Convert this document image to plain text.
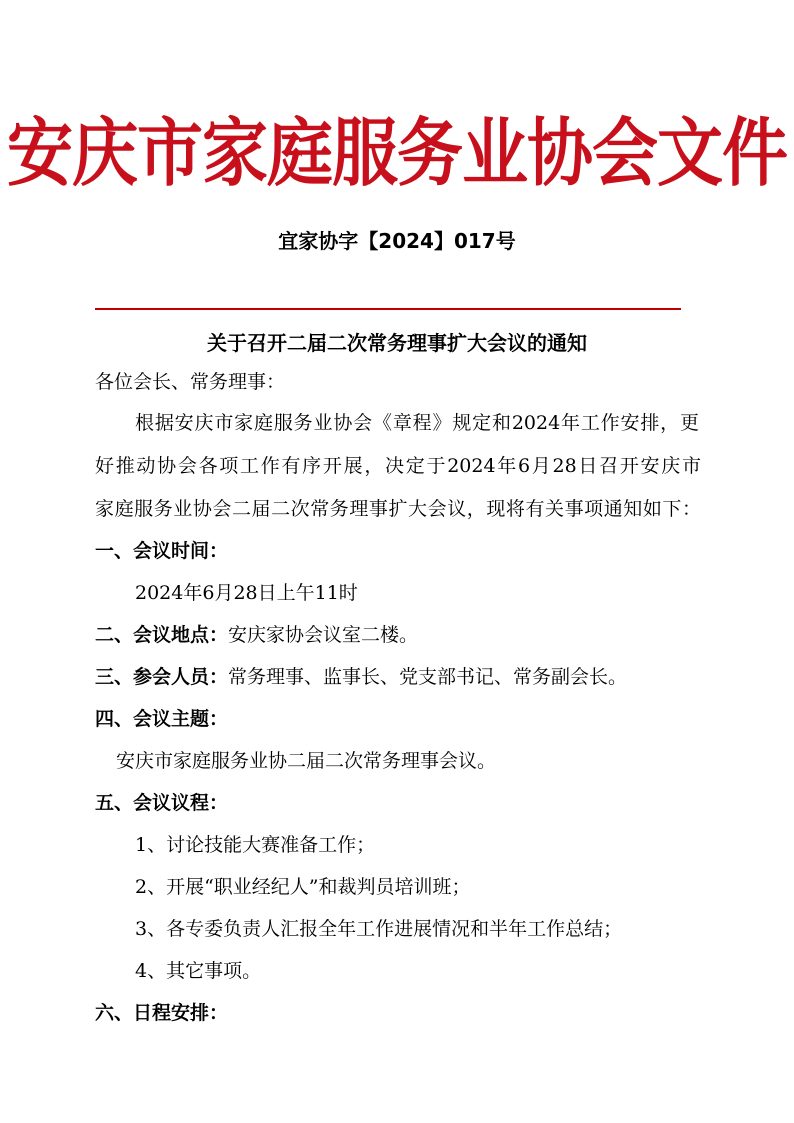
安庆市家庭服务业协会文件
宜家协字【2024】017号
关于召开二届二次常务理事扩大会议的通知
各位会长、常务理事：
根据安庆市家庭服务业协会《章程》规定和2024年工作安排，更
好推动协会各项工作有序开展，决定于2024年6月28日召开安庆市
家庭服务业协会二届二次常务理事扩大会议，现将有关事项通知如下：
一、会议时间：
2024年6月28日上午11时
二、会议地点：安庆家协会议室二楼。
三、参会人员：常务理事、监事长、党支部书记、常务副会长。
四、会议主题：
安庆市家庭服务业协二届二次常务理事会议。
五、会议议程：
1、讨论技能大赛准备工作；
2、开展“职业经纪人”和裁判员培训班；
3、各专委负责人汇报全年工作进展情况和半年工作总结；
4、其它事项。
六、日程安排：
